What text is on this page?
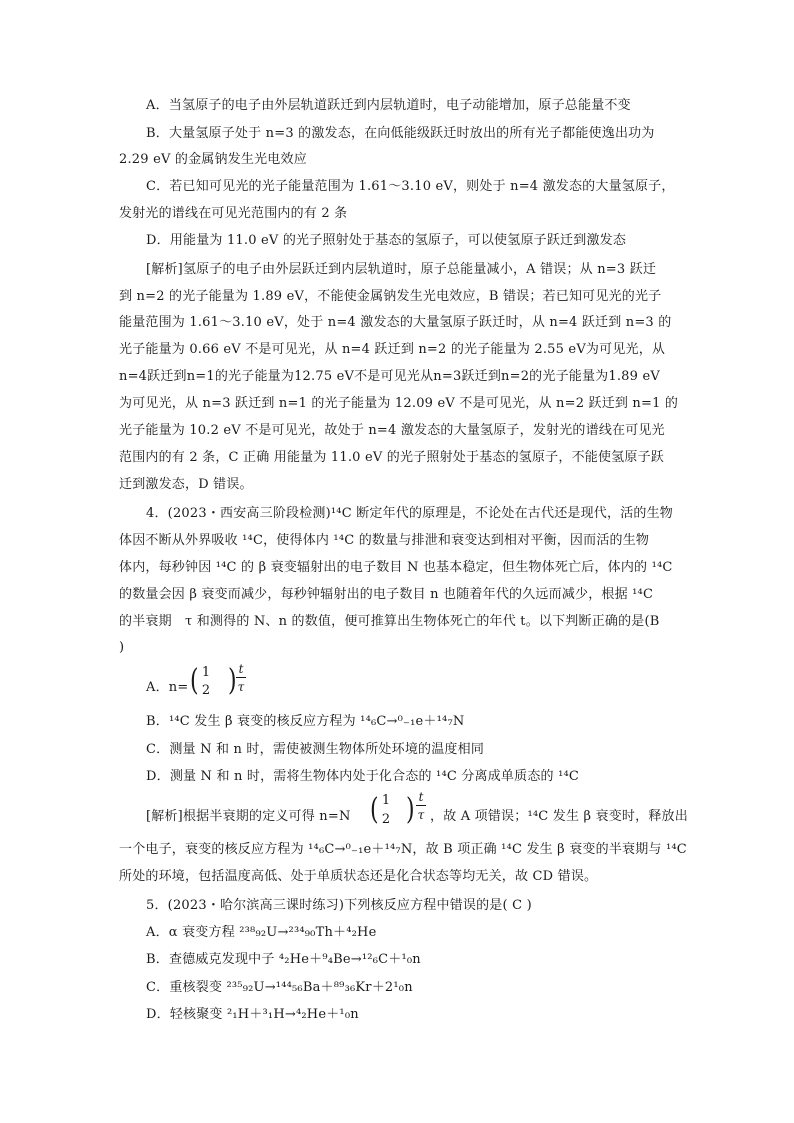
A．当氢原子的电子由外层轨道跃迁到内层轨道时，电子动能增加，原子总能量不变
B．大量氢原子处于 n=3 的激发态，在向低能级跃迁时放出的所有光子都能使逸出功为
2.29 eV 的金属钠发生光电效应
C．若已知可见光的光子能量范围为 1.61～3.10 eV，则处于 n=4 激发态的大量氢原子，
发射光的谱线在可见光范围内的有 2 条
D．用能量为 11.0 eV 的光子照射处于基态的氢原子，可以使氢原子跃迁到激发态
[解析]氢原子的电子由外层跃迁到内层轨道时，原子总能量减小，A 错误；从 n=3 跃迁
到 n=2 的光子能量为 1.89 eV，不能使金属钠发生光电效应，B 错误；若已知可见光的光子
能量范围为 1.61～3.10 eV，处于 n=4 激发态的大量氢原子跃迁时，从 n=4 跃迁到 n=3 的
光子能量为 0.66 eV 不是可见光，从 n=4 跃迁到 n=2 的光子能量为 2.55 eV为可见光，从
n=4跃迁到n=1的光子能量为12.75 eV不是可见光从n=3跃迁到n=2的光子能量为1.89 eV
为可见光，从 n=3 跃迁到 n=1 的光子能量为 12.09 eV 不是可见光，从 n=2 跃迁到 n=1 的
光子能量为 10.2 eV 不是可见光，故处于 n=4 激发态的大量氢原子，发射光的谱线在可见光
范围内的有 2 条，C 正确 用能量为 11.0 eV 的光子照射处于基态的氢原子，不能使氢原子跃
迁到激发态，D 错误。
4．(2023・西安高三阶段检测)¹⁴C 断定年代的原理是，不论处在古代还是现代，活的生物
体因不断从外界吸收 ¹⁴C，使得体内 ¹⁴C 的数量与排泄和衰变达到相对平衡，因而活的生物
体内，每秒钟因 ¹⁴C 的 β 衰变辐射出的电子数目 N 也基本稳定，但生物体死亡后，体内的 ¹⁴C
的数量会因 β 衰变而减少，每秒钟辐射出的电子数目 n 也随着年代的久远而减少，根据 ¹⁴C
的半衰期　τ 和测得的 N、n 的数值，便可推算出生物体死亡的年代 t。以下判断正确的是(B
)
A．n= ( 1
2 ) t
τ
B．¹⁴C 发生 β 衰变的核反应方程为 ¹⁴₆C→⁰₋₁e＋¹⁴₇N
C．测量 N 和 n 时，需使被测生物体所处环境的温度相同
D．测量 N 和 n 时，需将生物体内处于化合态的 ¹⁴C 分离成单质态的 ¹⁴C
[解析]根据半衰期的定义可得 n=N ( 1
2 ) t
τ ，故 A 项错误；¹⁴C 发生 β 衰变时，释放出
一个电子，衰变的核反应方程为 ¹⁴₆C→⁰₋₁e＋¹⁴₇N，故 B 项正确 ¹⁴C 发生 β 衰变的半衰期与 ¹⁴C
所处的环境，包括温度高低、处于单质状态还是化合状态等均无关，故 CD 错误。
5．(2023・哈尔滨高三课时练习)下列核反应方程中错误的是( C )
A．α 衰变方程 ²³⁸₉₂U→²³⁴₉₀Th＋⁴₂He
B．查德威克发现中子 ⁴₂He＋⁹₄Be→¹²₆C＋¹₀n
C．重核裂变 ²³⁵₉₂U→¹⁴⁴₅₆Ba＋⁸⁹₃₆Kr＋2¹₀n
D．轻核聚变 ²₁H＋³₁H→⁴₂He＋¹₀n
